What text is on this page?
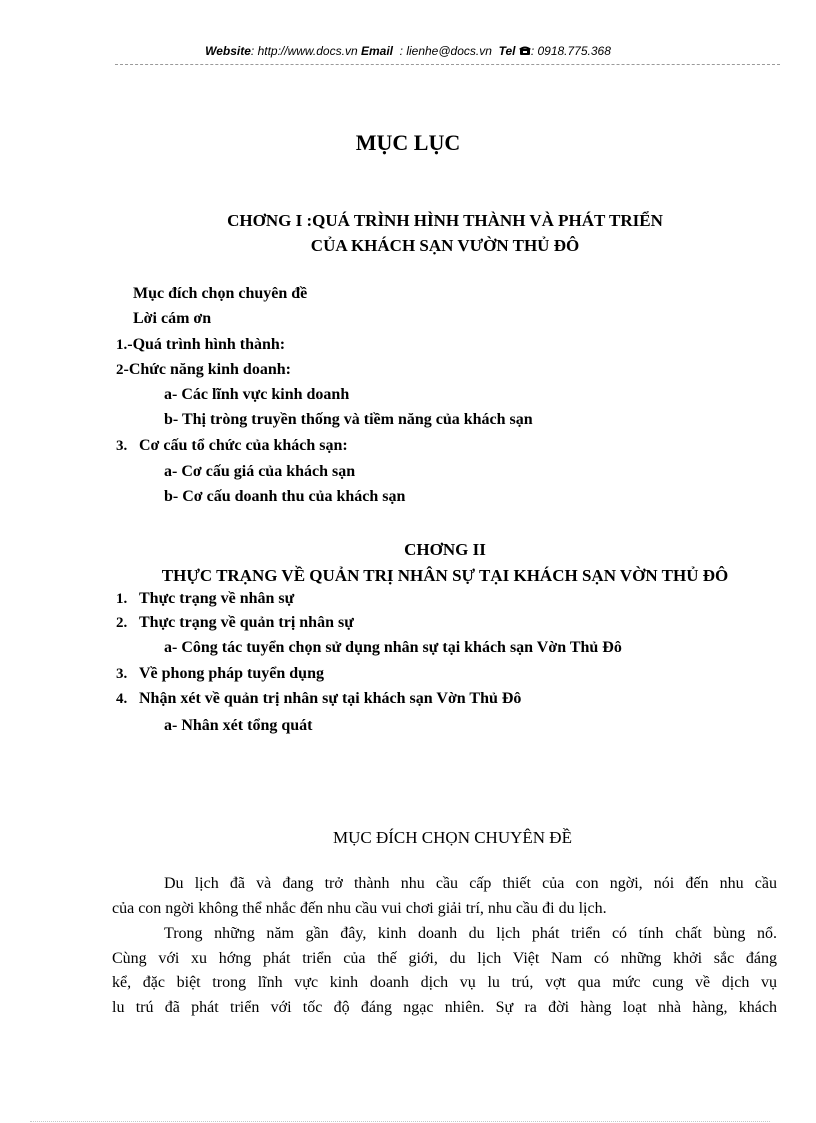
Website: http://www.docs.vn Email : lienhe@docs.vn Tel : 0918.775.368
MỤC LỤC
CHƠNG I :QUÁ TRÌNH HÌNH THÀNH VÀ PHÁT TRIỂN
CỦA KHÁCH SẠN VƯỜN THỦ ĐÔ
Mục đích chọn chuyên đề
Lời cám ơn
1.-Quá trình hình thành:
2-Chức năng kinh doanh:
a- Các lĩnh vực kinh doanh
b- Thị tròng truyền thống và tiềm năng của khách sạn
3. Cơ cấu tổ chức của khách sạn:
a- Cơ cấu giá của khách sạn
b- Cơ cấu doanh thu của khách sạn
CHƠNG II
THỰC TRẠNG VỀ QUẢN TRỊ NHÂN SỰ TẠI KHÁCH SẠN VỜN THỦ ĐÔ
1. Thực trạng về nhân sự
2. Thực trạng về quản trị nhân sự
a- Công tác tuyển chọn sử dụng nhân sự tại khách sạn Vờn Thủ Đô
3. Về phong pháp tuyển dụng
4. Nhận xét về quản trị nhân sự tại khách sạn Vờn Thủ Đô
a- Nhân xét tổng quát
MỤC ĐÍCH CHỌN CHUYÊN ĐỀ

Du lịch đã và đang trở thành nhu cầu cấp thiết của con ngời, nói đến nhu cầu

của con ngời không thể nhắc đến nhu cầu vui chơi giải trí, nhu cầu đi du lịch.

Trong những năm gần đây, kinh doanh du lịch phát triển có tính chất bùng nổ.

Cùng với xu hớng phát triển của thế giới, du lịch Việt Nam có những khởi sắc đáng

kể, đặc biệt trong lĩnh vực kinh doanh dịch vụ lu trú, vợt qua mức cung về dịch vụ

lu trú đã phát triển với tốc độ đáng ngạc nhiên. Sự ra đời hàng loạt nhà hàng, khách
